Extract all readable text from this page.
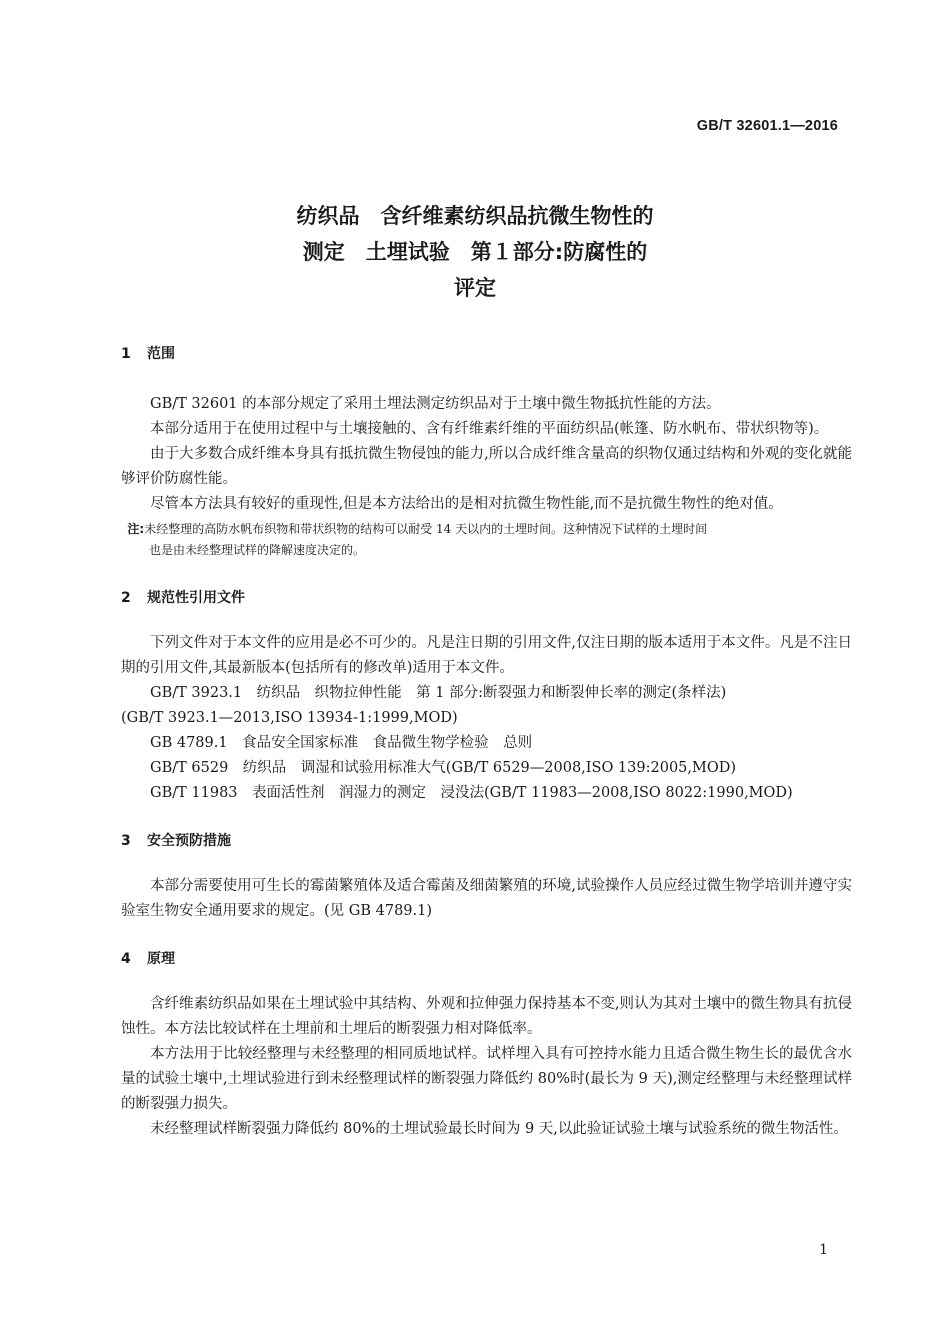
GB/T 32601.1—2016
纺织品　含纤维素纺织品抗微生物性的
测定　土埋试验　第１部分:防腐性的
评定
1 范围
GB/T 32601 的本部分规定了采用土埋法测定纺织品对于土壤中微生物抵抗性能的方法。
本部分适用于在使用过程中与土壤接触的、含有纤维素纤维的平面纺织品(帐篷、防水帆布、带状织物等)。
由于大多数合成纤维本身具有抵抗微生物侵蚀的能力,所以合成纤维含量高的织物仅通过结构和外观的变化就能够评价防腐性能。
尽管本方法具有较好的重现性,但是本方法给出的是相对抗微生物性能,而不是抗微生物性的绝对值。
注:未经整理的高防水帆布织物和带状织物的结构可以耐受 14 天以内的土埋时间。这种情况下试样的土埋时间
也是由未经整理试样的降解速度决定的。
2 规范性引用文件
下列文件对于本文件的应用是必不可少的。凡是注日期的引用文件,仅注日期的版本适用于本文件。凡是不注日期的引用文件,其最新版本(包括所有的修改单)适用于本文件。
GB/T 3923.1　纺织品　织物拉伸性能　第 1 部分:断裂强力和断裂伸长率的测定(条样法)
(GB/T 3923.1—2013,ISO 13934-1:1999,MOD)
GB 4789.1　食品安全国家标准　食品微生物学检验　总则
GB/T 6529　纺织品　调湿和试验用标准大气(GB/T 6529—2008,ISO 139:2005,MOD)
GB/T 11983　表面活性剂　润湿力的测定　浸没法(GB/T 11983—2008,ISO 8022:1990,MOD)
3 安全预防措施
本部分需要使用可生长的霉菌繁殖体及适合霉菌及细菌繁殖的环境,试验操作人员应经过微生物学培训并遵守实验室生物安全通用要求的规定。(见 GB 4789.1)
4 原理
含纤维素纺织品如果在土埋试验中其结构、外观和拉伸强力保持基本不变,则认为其对土壤中的微生物具有抗侵蚀性。本方法比较试样在土埋前和土埋后的断裂强力相对降低率。
本方法用于比较经整理与未经整理的相同质地试样。试样埋入具有可控持水能力且适合微生物生长的最优含水量的试验土壤中,土埋试验进行到未经整理试样的断裂强力降低约 80%时(最长为 9 天),测定经整理与未经整理试样的断裂强力损失。
未经整理试样断裂强力降低约 80%的土埋试验最长时间为 9 天,以此验证试验土壤与试验系统的微生物活性。
1
